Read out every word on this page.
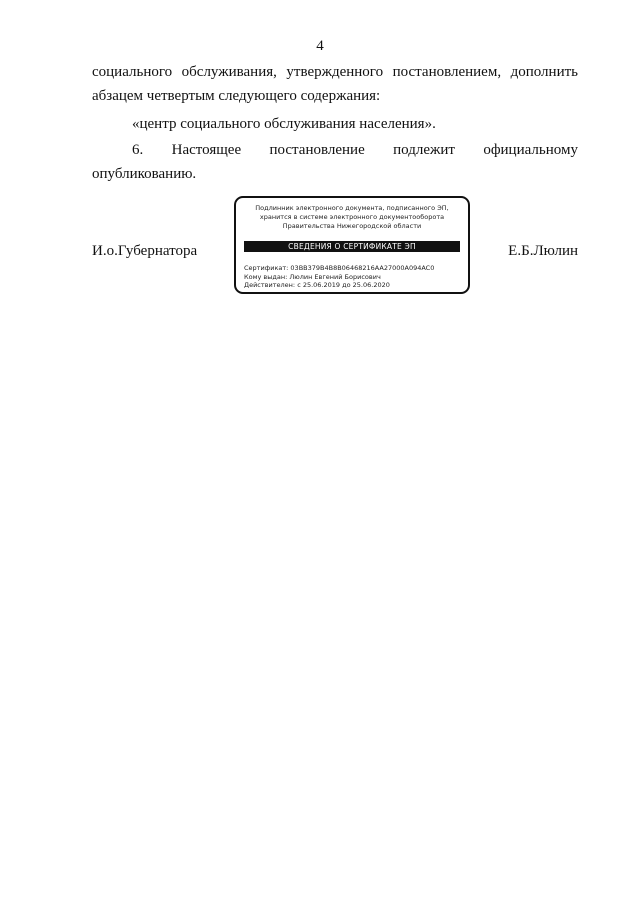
4
социального обслуживания, утвержденного постановлением, дополнить
абзацем четвертым следующего содержания:
«центр социального обслуживания населения».
6. Настоящее постановление подлежит официальному
опубликованию.
И.о.Губернатора
Подлинник электронного документа, подписанного ЭП,
хранится в системе электронного документооборота
Правительства Нижегородской области
СВЕДЕНИЯ О СЕРТИФИКАТЕ ЭП
Сертификат: 03BB379B4B8B06468216AA27000A094AC0
Кому выдан: Люлин Евгений Борисович
Действителен: с 25.06.2019 до 25.06.2020
Е.Б.Люлин
